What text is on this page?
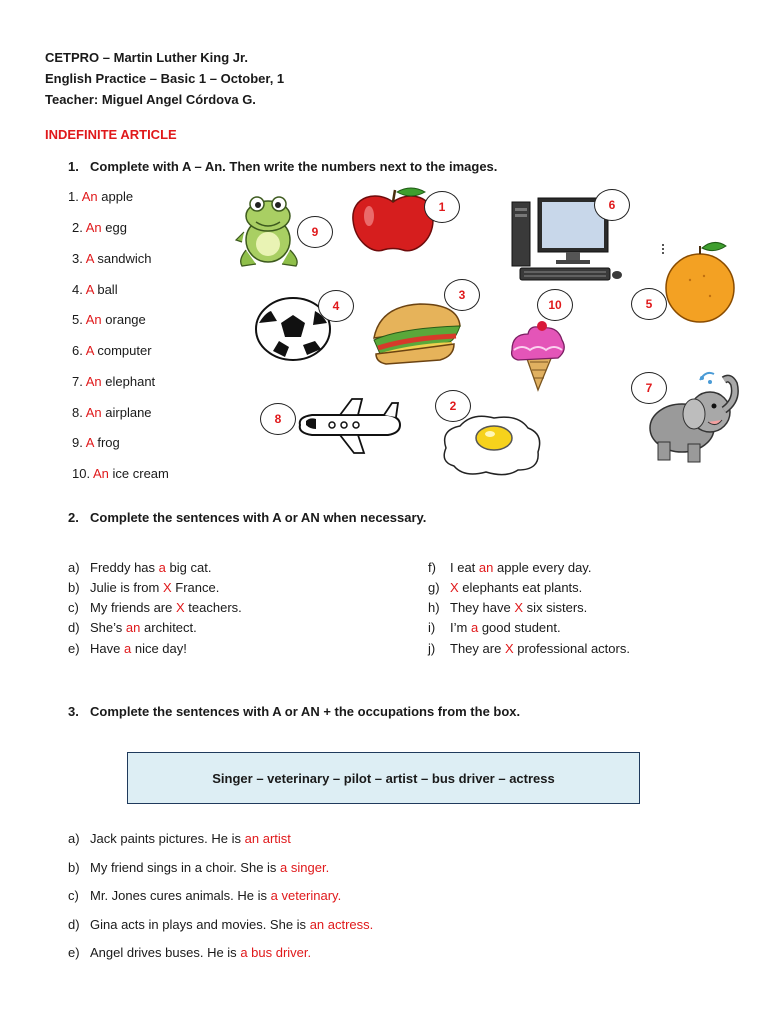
CETPRO – Martin Luther King Jr.
English Practice – Basic 1 – October, 1
Teacher: Miguel Angel Córdova G.
INDEFINITE ARTICLE
1. Complete with A – An. Then write the numbers next to the images.
1. An apple
2. An egg
3. A sandwich
4. A ball
5. An orange
6. A computer
7. An elephant
8. An airplane
9. A frog
10. An ice cream
9
1	6
5
4
3
10
7
8
2
2. Complete the sentences with A or AN when necessary.
a) Freddy has a big cat.
b) Julie is from X France.
c) My friends are X teachers.
d) She’s an architect.
e) Have a nice day!
f) I eat an apple every day.
g) X elephants eat plants.
h) They have X six sisters.
i) I’m a good student.
j) They are X professional actors.
3. Complete the sentences with A or AN + the occupations from the box.
Singer – veterinary – pilot – artist – bus driver – actress
a) Jack paints pictures. He is an artist
b) My friend sings in a choir. She is a singer.
c) Mr. Jones cures animals. He is a veterinary.
d) Gina acts in plays and movies. She is an actress.
e) Angel drives buses. He is a bus driver.
